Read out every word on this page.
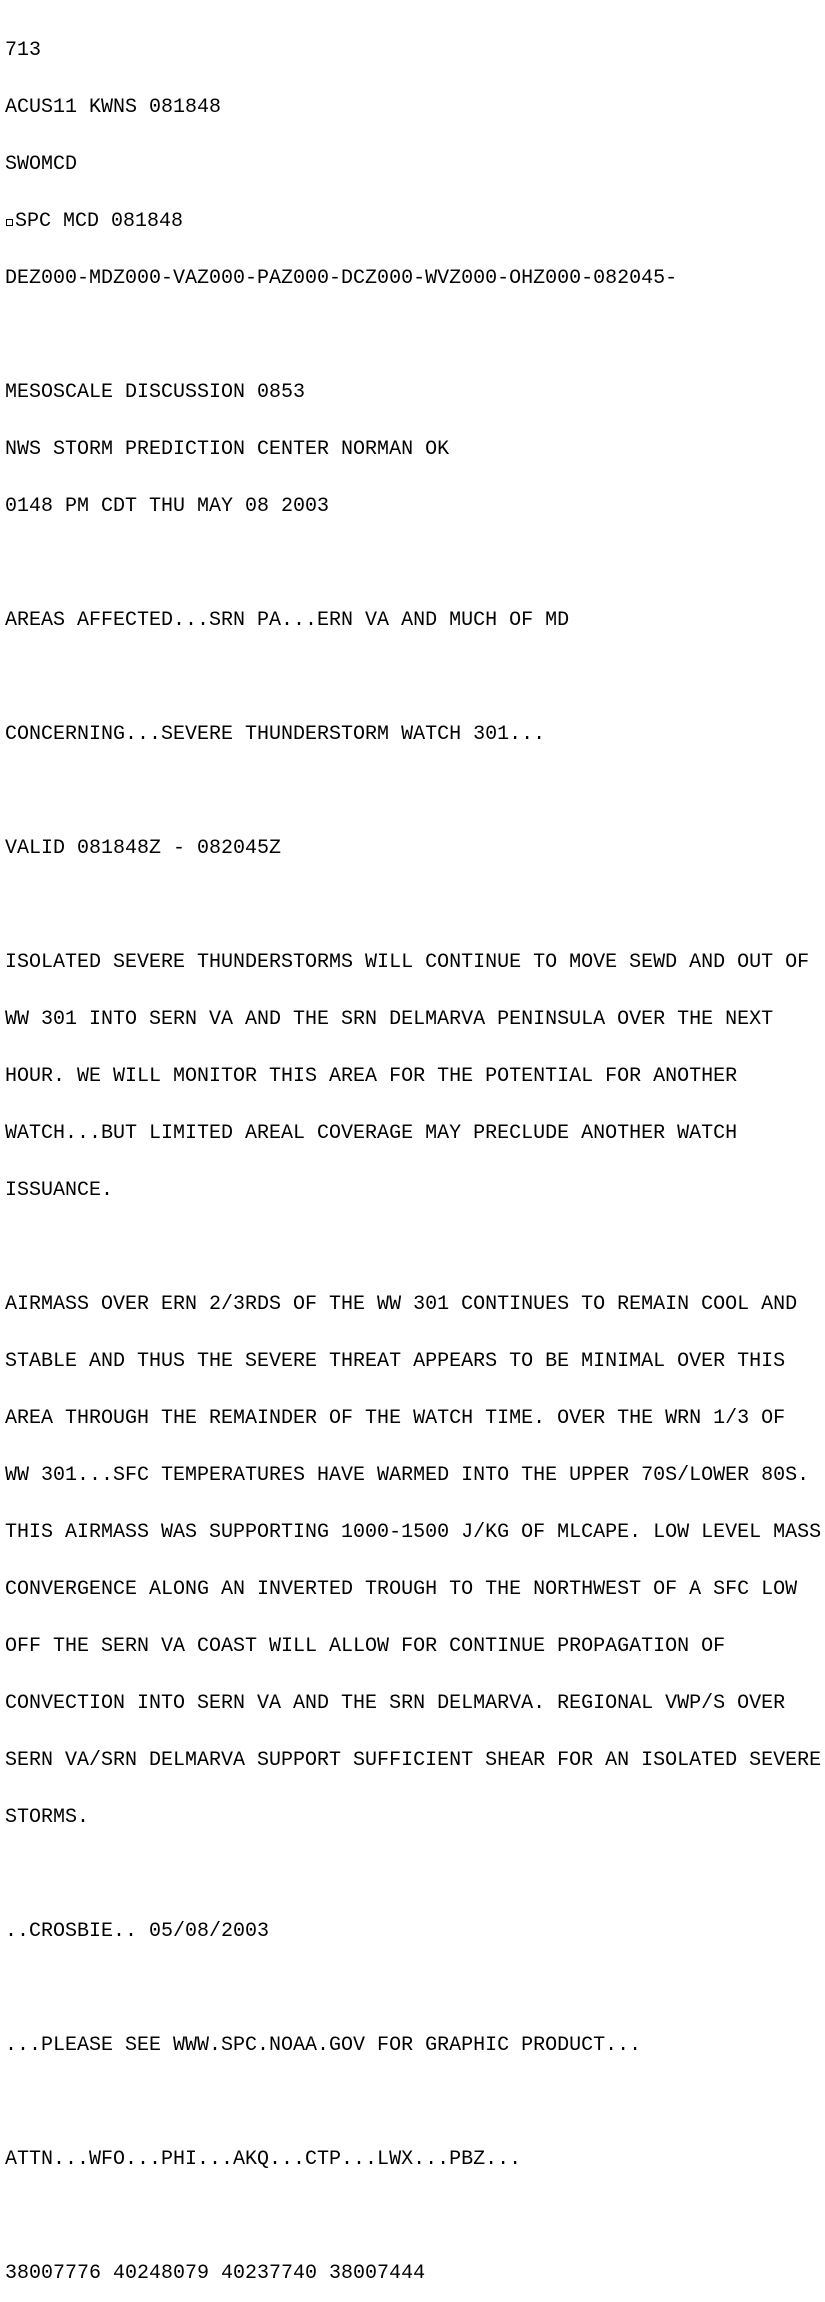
713

ACUS11 KWNS 081848

SWOMCD

SPC MCD 081848

DEZ000-MDZ000-VAZ000-PAZ000-DCZ000-WVZ000-OHZ000-082045-

MESOSCALE DISCUSSION 0853

NWS STORM PREDICTION CENTER NORMAN OK

0148 PM CDT THU MAY 08 2003

AREAS AFFECTED...SRN PA...ERN VA AND MUCH OF MD

CONCERNING...SEVERE THUNDERSTORM WATCH 301...

VALID 081848Z - 082045Z

ISOLATED SEVERE THUNDERSTORMS WILL CONTINUE TO MOVE SEWD AND OUT OF

WW 301 INTO SERN VA AND THE SRN DELMARVA PENINSULA OVER THE NEXT

HOUR. WE WILL MONITOR THIS AREA FOR THE POTENTIAL FOR ANOTHER

WATCH...BUT LIMITED AREAL COVERAGE MAY PRECLUDE ANOTHER WATCH

ISSUANCE.

AIRMASS OVER ERN 2/3RDS OF THE WW 301 CONTINUES TO REMAIN COOL AND

STABLE AND THUS THE SEVERE THREAT APPEARS TO BE MINIMAL OVER THIS

AREA THROUGH THE REMAINDER OF THE WATCH TIME. OVER THE WRN 1/3 OF

WW 301...SFC TEMPERATURES HAVE WARMED INTO THE UPPER 70S/LOWER 80S.

THIS AIRMASS WAS SUPPORTING 1000-1500 J/KG OF MLCAPE. LOW LEVEL MASS

CONVERGENCE ALONG AN INVERTED TROUGH TO THE NORTHWEST OF A SFC LOW

OFF THE SERN VA COAST WILL ALLOW FOR CONTINUE PROPAGATION OF

CONVECTION INTO SERN VA AND THE SRN DELMARVA. REGIONAL VWP/S OVER

SERN VA/SRN DELMARVA SUPPORT SUFFICIENT SHEAR FOR AN ISOLATED SEVERE

STORMS.

..CROSBIE.. 05/08/2003

...PLEASE SEE WWW.SPC.NOAA.GOV FOR GRAPHIC PRODUCT...

ATTN...WFO...PHI...AKQ...CTP...LWX...PBZ...

38007776 40248079 40237740 38007444
